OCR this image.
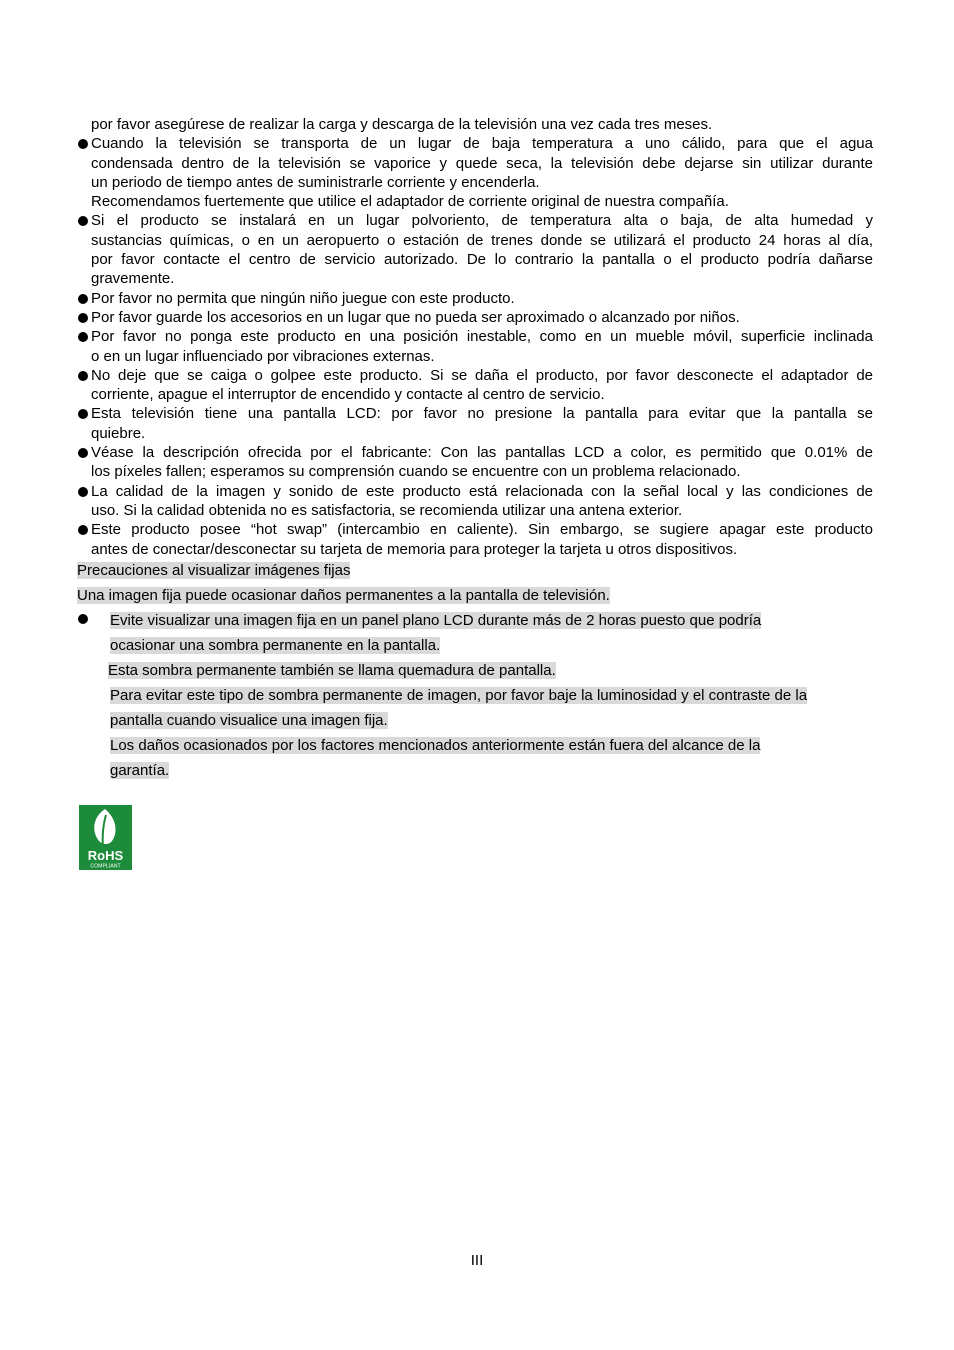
por favor asegúrese de realizar la carga y descarga de la televisión una vez cada tres meses.
Cuando la televisión se transporta de un lugar de baja temperatura a uno cálido, para que el agua
condensada dentro de la televisión se vaporice y quede seca, la televisión debe dejarse sin utilizar durante
un periodo de tiempo antes de suministrarle corriente y encenderla.
Recomendamos fuertemente que utilice el adaptador de corriente original de nuestra compañía.
Si el producto se instalará en un lugar polvoriento, de temperatura alta o baja, de alta humedad y
sustancias químicas, o en un aeropuerto o estación de trenes donde se utilizará el producto 24 horas al día,
por favor contacte el centro de servicio autorizado. De lo contrario la pantalla o el producto podría dañarse
gravemente.
Por favor no permita que ningún niño juegue con este producto.
Por favor guarde los accesorios en un lugar que no pueda ser aproximado o alcanzado por niños.
Por favor no ponga este producto en una posición inestable, como en un mueble móvil, superficie inclinada
o en un lugar influenciado por vibraciones externas.
No deje que se caiga o golpee este producto. Si se daña el producto, por favor desconecte el adaptador de
corriente, apague el interruptor de encendido y contacte al centro de servicio.
Esta televisión tiene una pantalla LCD: por favor no presione la pantalla para evitar que la pantalla se
quiebre.
Véase la descripción ofrecida por el fabricante: Con las pantallas LCD a color, es permitido que 0.01% de
los píxeles fallen; esperamos su comprensión cuando se encuentre con un problema relacionado.
La calidad de la imagen y sonido de este producto está relacionada con la señal local y las condiciones de
uso. Si la calidad obtenida no es satisfactoria, se recomienda utilizar una antena exterior.
Este producto posee “hot swap” (intercambio en caliente). Sin embargo, se sugiere apagar este producto
antes de conectar/desconectar su tarjeta de memoria para proteger la tarjeta u otros dispositivos.
Precauciones al visualizar imágenes fijas
Una imagen fija puede ocasionar daños permanentes a la pantalla de televisión.
Evite visualizar una imagen fija en un panel plano LCD durante más de 2 horas puesto que podría
ocasionar una sombra permanente en la pantalla.
Esta sombra permanente también se llama quemadura de pantalla.
Para evitar este tipo de sombra permanente de imagen, por favor baje la luminosidad y el contraste de la
pantalla cuando visualice una imagen fija.
Los daños ocasionados por los factores mencionados anteriormente están fuera del alcance de la
garantía.
RoHS
COMPLIANT
III
